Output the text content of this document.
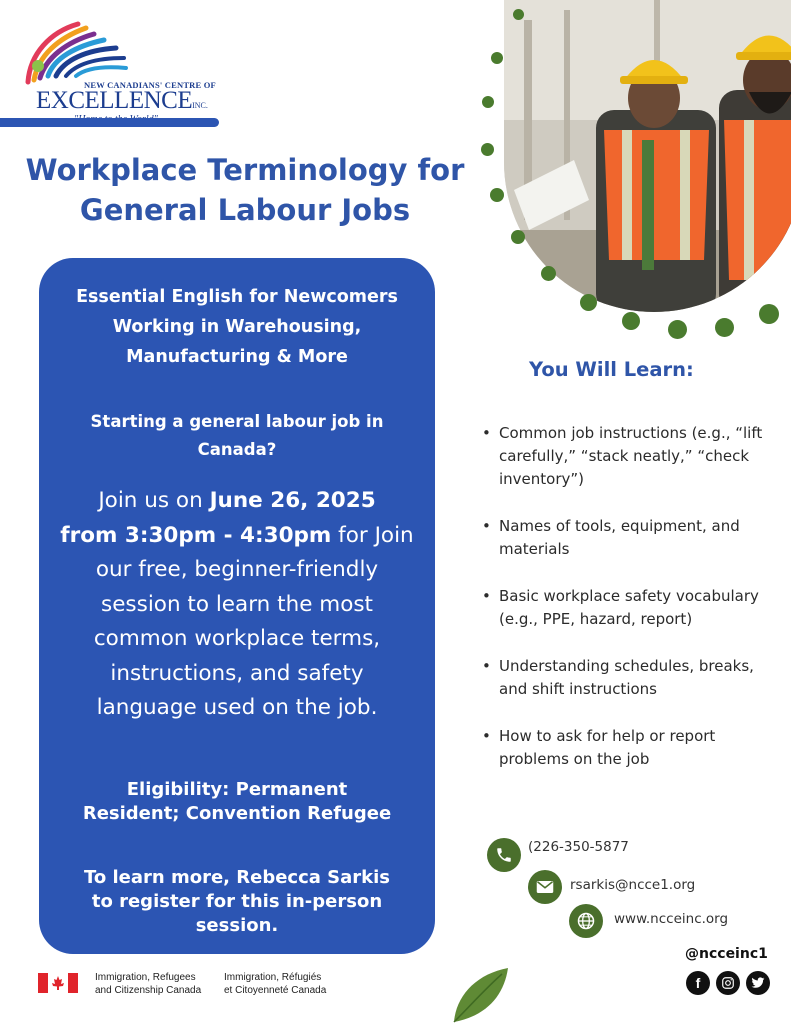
NEW CANADIANS' CENTRE OF
EXCELLENCEINC.
Workplace Terminology for
General Labour Jobs
Essential English for Newcomers
Working in Warehousing,
Manufacturing & More
Starting a general labour job in
Canada?
Join us on June 26, 2025
from 3:30pm - 4:30pm for Join our free, beginner-friendly session to learn the most common workplace terms, instructions, and safety language used on the job.
Eligibility: Permanent
Resident; Convention Refugee
To learn more, Rebecca Sarkis
to register for this in-person
session.
You Will Learn:
• Common job instructions (e.g., “lift carefully,” “stack neatly,” “check inventory”)
• Names of tools, equipment, and materials
• Basic workplace safety vocabulary (e.g., PPE, hazard, report)
• Understanding schedules, breaks, and shift instructions
• How to ask for help or report problems on the job
(226-350-5877
rsarkis@ncce1.org
www.ncceinc.org
@ncceinc1
f
Immigration, Refugees
and Citizenship Canada
Immigration, Réfugiés
et Citoyenneté Canada
